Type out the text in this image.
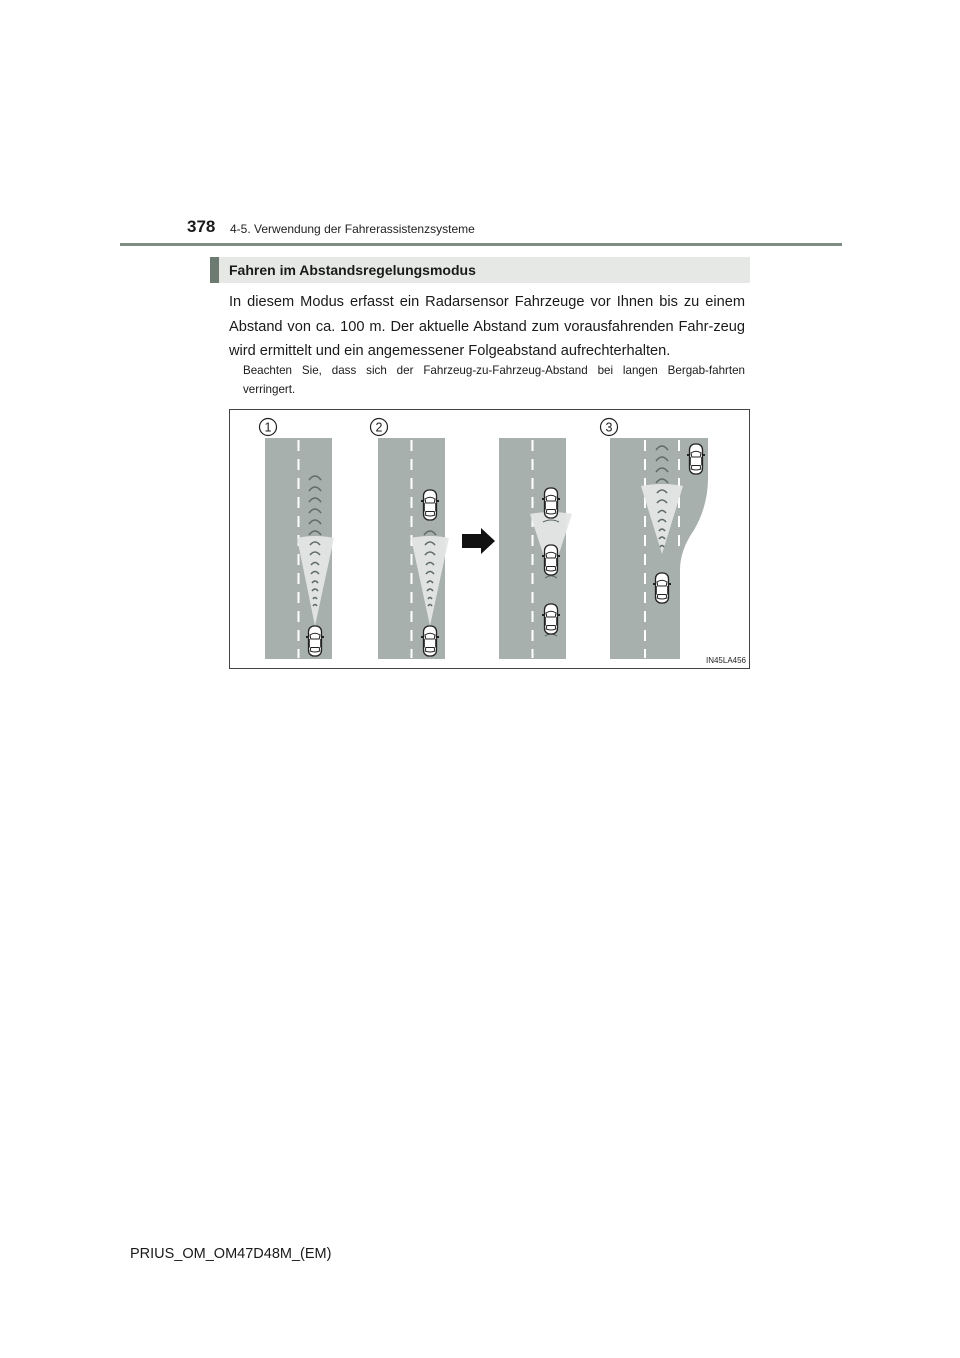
378 4-5. Verwendung der Fahrerassistenzsysteme
Fahren im Abstandsregelungsmodus

In diesem Modus erfasst ein Radarsensor Fahrzeuge vor Ihnen bis zu einem Abstand von ca. 100 m. Der aktuelle Abstand zum vorausfahrenden Fahr-zeug wird ermittelt und ein angemessener Folgeabstand aufrechterhalten.

Beachten Sie, dass sich der Fahrzeug-zu-Fahrzeug-Abstand bei langen Bergab-fahrten verringert.

1	2	3
IN45LA456
PRIUS_OM_OM47D48M_(EM)
